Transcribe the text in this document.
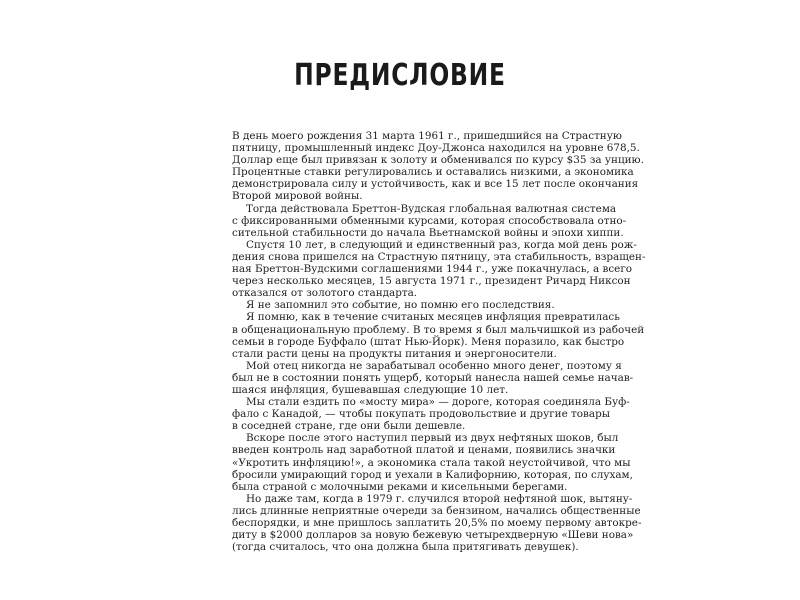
ПРЕДИСЛОВИЕ
В день моего рождения 31 марта 1961 г., пришедшийся на Страстную
пятницу, промышленный индекс Доу-Джонса находился на уровне 678,5.
Доллар еще был привязан к золоту и обменивался по курсу $35 за унцию.
Процентные ставки регулировались и оставались низкими, а экономика
демонстрировала силу и устойчивость, как и все 15 лет после окончания
Второй мировой войны.
Тогда действовала Бреттон-Вудская глобальная валютная система
с фиксированными обменными курсами, которая способствовала отно-
сительной стабильности до начала Вьетнамской войны и эпохи хиппи.
Спустя 10 лет, в следующий и единственный раз, когда мой день рож-
дения снова пришелся на Страстную пятницу, эта стабильность, взращен-
ная Бреттон-Вудскими соглашениями 1944 г., уже покачнулась, а всего
через несколько месяцев, 15 августа 1971 г., президент Ричард Никсон
отказался от золотого стандарта.
Я не запомнил это событие, но помню его последствия.
Я помню, как в течение считаных месяцев инфляция превратилась
в общенациональную проблему. В то время я был мальчишкой из рабочей
семьи в городе Буффало (штат Нью-Йорк). Меня поразило, как быстро
стали расти цены на продукты питания и энергоносители.
Мой отец никогда не зарабатывал особенно много денег, поэтому я
был не в состоянии понять ущерб, который нанесла нашей семье начав-
шаяся инфляция, бушевавшая следующие 10 лет.
Мы стали ездить по «мосту мира» — дороге, которая соединяла Буф-
фало с Канадой, — чтобы покупать продовольствие и другие товары
в соседней стране, где они были дешевле.
Вскоре после этого наступил первый из двух нефтяных шоков, был
введен контроль над заработной платой и ценами, появились значки
«Укротить инфляцию!», а экономика стала такой неустойчивой, что мы
бросили умирающий город и уехали в Калифорнию, которая, по слухам,
была страной с молочными реками и кисельными берегами.
Но даже там, когда в 1979 г. случился второй нефтяной шок, вытяну-
лись длинные неприятные очереди за бензином, начались общественные
беспорядки, и мне пришлось заплатить 20,5% по моему первому автокре-
диту в $2000 долларов за новую бежевую четырехдверную «Шеви нова»
(тогда считалось, что она должна была притягивать девушек).
